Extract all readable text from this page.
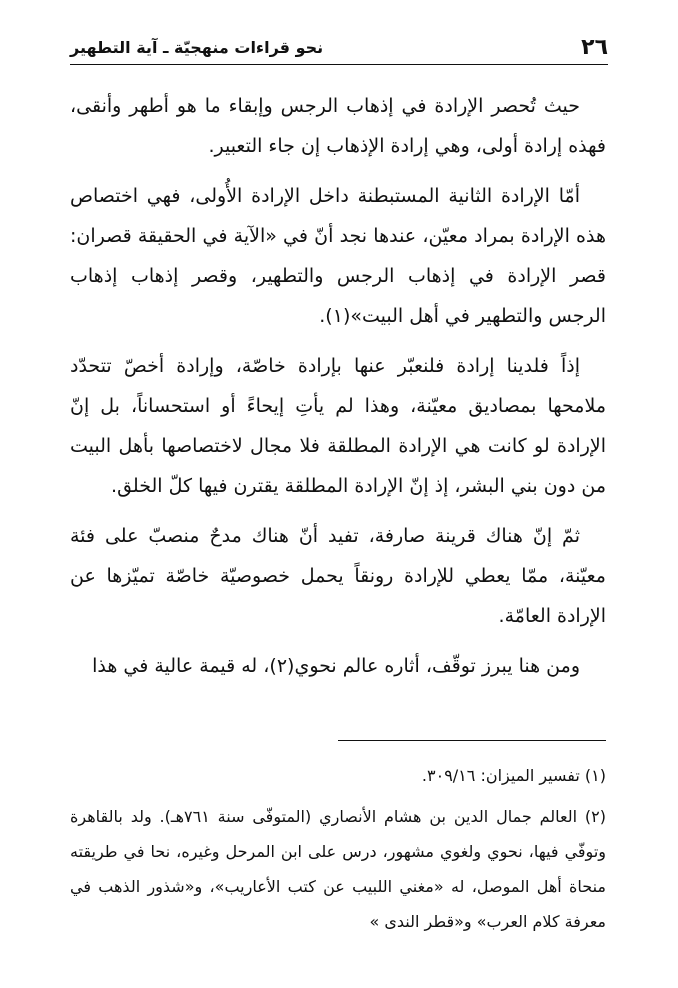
٢٦
نحو قراءات منهجيّة ـ آية التطهير

حيث تُحصر الإرادة في إذهاب الرجس وإبقاء ما هو أطهر وأنقى، فهذه إرادة أولى، وهي إرادة الإذهاب إن جاء التعبير.

أمّا الإرادة الثانية المستبطنة داخل الإرادة الأُولى، فهي اختصاص هذه الإرادة بمراد معيّن، عندها نجد أنّ في «الآية في الحقيقة قصران: قصر الإرادة في إذهاب الرجس والتطهير، وقصر إذهاب إذهاب الرجس والتطهير في أهل البيت»(١).

إذاً فلدينا إرادة فلنعبّر عنها بإرادة خاصّة، وإرادة أخصّ تتحدّد ملامحها بمصاديق معيّنة، وهذا لم يأتِ إيحاءً أو استحساناً، بل إنّ الإرادة لو كانت هي الإرادة المطلقة فلا مجال لاختصاصها بأهل البيت من دون بني البشر، إذ إنّ الإرادة المطلقة يقترن فيها كلّ الخلق.

ثمّ إنّ هناك قرينة صارفة، تفيد أنّ هناك مدحٌ منصبّ على فئة معيّنة، ممّا يعطي للإرادة رونقاً يحمل خصوصيّة خاصّة تميّزها عن الإرادة العامّة.

ومن هنا يبرز توقّف، أثاره عالم نحوي(٢)، له قيمة عالية في هذا

(١) تفسير الميزان: ٣٠٩/١٦.

(٢) العالم جمال الدين بن هشام الأنصاري (المتوفّى سنة ٧٦١هـ). ولد بالقاهرة وتوفّي فيها، نحوي ولغوي مشهور، درس على ابن المرحل وغيره، نحا في طريقته منحاة أهل الموصل، له «مغني اللبيب عن كتب الأعاريب»، و«شذور الذهب في معرفة كلام العرب» و«قطر الندى »
